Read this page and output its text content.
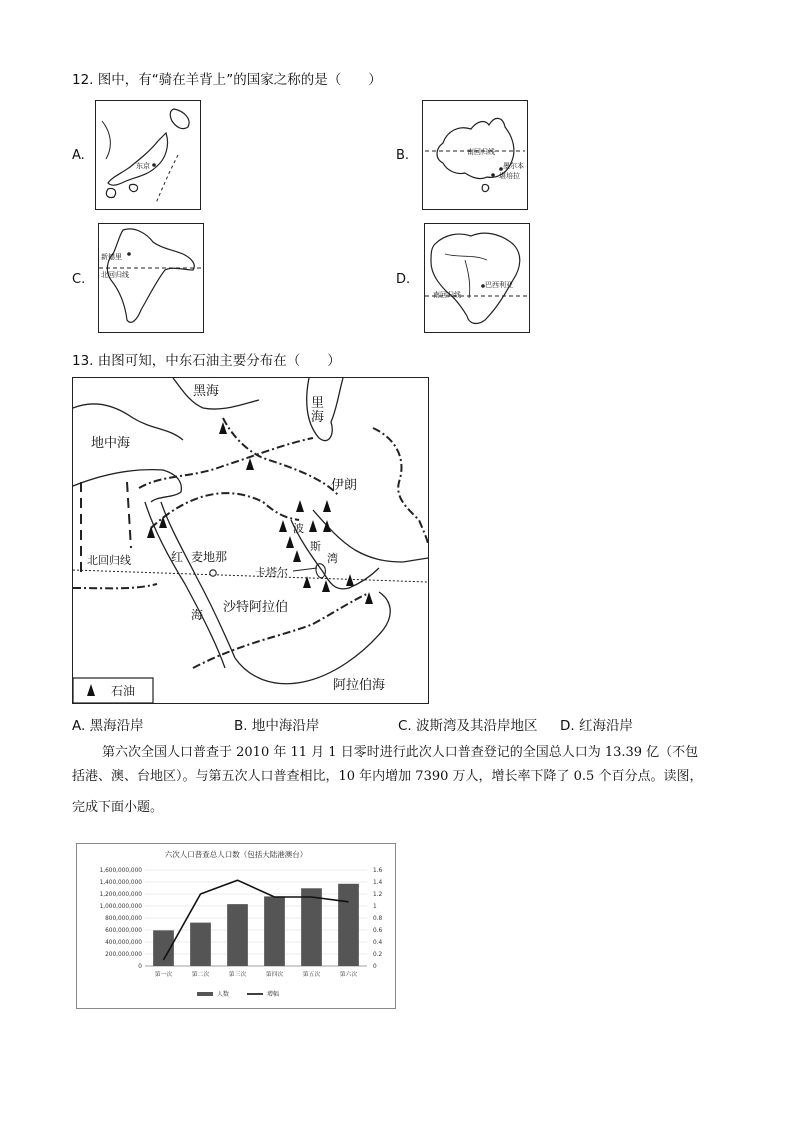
12. 图中，有“骑在羊背上”的国家之称的是（　　）
A.
东京
B.	南回归线
墨尔本
堪培拉
C.
新德里
北回归线	D.
南回归线
巴西利亚
13. 由图可知，中东石油主要分布在（　　）
黑海
里
海
地中海
伊朗
波
斯
湾
北回归线	红
海
麦地那
卡塔尔
沙特阿拉伯
阿拉伯海
石油
A. 黑海沿岸	B. 地中海沿岸	C. 波斯湾及其沿岸地区 D. 红海沿岸
第六次全国人口普查于 2010 年 11 月 1 日零时进行此次人口普查登记的全国总人口为 13.39 亿（不包
括港、澳、台地区）。与第五次人口普查相比，10 年内增加 7390 万人，增长率下降了 0.5 个百分点。读图，
完成下面小题。
六次人口普查总人口数（包括大陆港澳台）
1,600,000,000
1,400,000,000
1,200,000,000
1,000,000,000
800,000,000
600,000,000
400,000,000
200,000,000
0
1.6
1.4
1.2
1
0.8
0.6
0.4
0.2
0
第一次	第二次	第三次	第四次	第五次	第六次
人数	增幅
